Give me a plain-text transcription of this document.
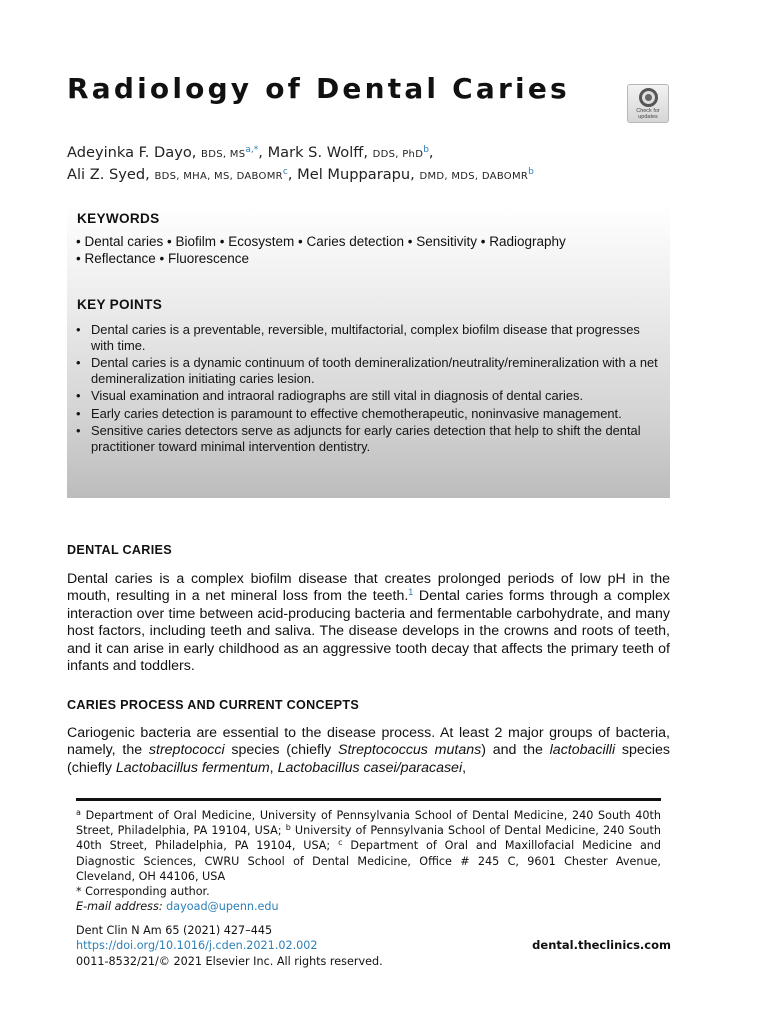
Radiology of Dental Caries
Check for
updates
Adeyinka F. Dayo, BDS, $MS^{a,*}$, Mark S. Wolff, DDS, PhD$^b$,
Ali Z. Syed, BDS, MHA, MS, DABOMR$^c$, Mel Mupparapu, DMD, MDS, DABOMR$^b$
KEYWORDS
• Dental caries • Biofilm • Ecosystem • Caries detection • Sensitivity • Radiography
• Reflectance • Fluorescence
KEY POINTS
• Dental caries is a preventable, reversible, multifactorial, complex biofilm disease that progresses with time.
• Dental caries is a dynamic continuum of tooth demineralization/neutrality/remineralization with a net demineralization initiating caries lesion.
• Visual examination and intraoral radiographs are still vital in diagnosis of dental caries.
• Early caries detection is paramount to effective chemotherapeutic, noninvasive management.
• Sensitive caries detectors serve as adjuncts for early caries detection that help to shift the dental practitioner toward minimal intervention dentistry.
DENTAL CARIES

Dental caries is a complex biofilm disease that creates prolonged periods of low pH in the mouth, resulting in a net mineral loss from the teeth.$^1$ Dental caries forms through a complex interaction over time between acid-producing bacteria and fermentable carbohydrate, and many host factors, including teeth and saliva. The disease develops in the crowns and roots of teeth, and it can arise in early childhood as an aggressive tooth decay that affects the primary teeth of infants and toddlers.

CARIES PROCESS AND CURRENT CONCEPTS

Cariogenic bacteria are essential to the disease process. At least 2 major groups of bacteria, namely, the streptococci species (chiefly Streptococcus mutans) and the lactobacilli species (chiefly Lactobacillus fermentum, Lactobacillus casei/paracasei,

$^a$ Department of Oral Medicine, University of Pennsylvania School of Dental Medicine, 240 South 40th Street, Philadelphia, PA 19104, USA; $^b$ University of Pennsylvania School of Dental Medicine, 240 South 40th Street, Philadelphia, PA 19104, USA; $^c$ Department of Oral and Maxillofacial Medicine and Diagnostic Sciences, CWRU School of Dental Medicine, Office # 245 C, 9601 Chester Avenue, Cleveland, OH 44106, USA
* Corresponding author.
E-mail address: dayoad@upenn.edu
Dent Clin N Am 65 (2021) 427–445
https://doi.org/10.1016/j.cden.2021.02.002
0011-8532/21/© 2021 Elsevier Inc. All rights reserved.
dental.theclinics.com
